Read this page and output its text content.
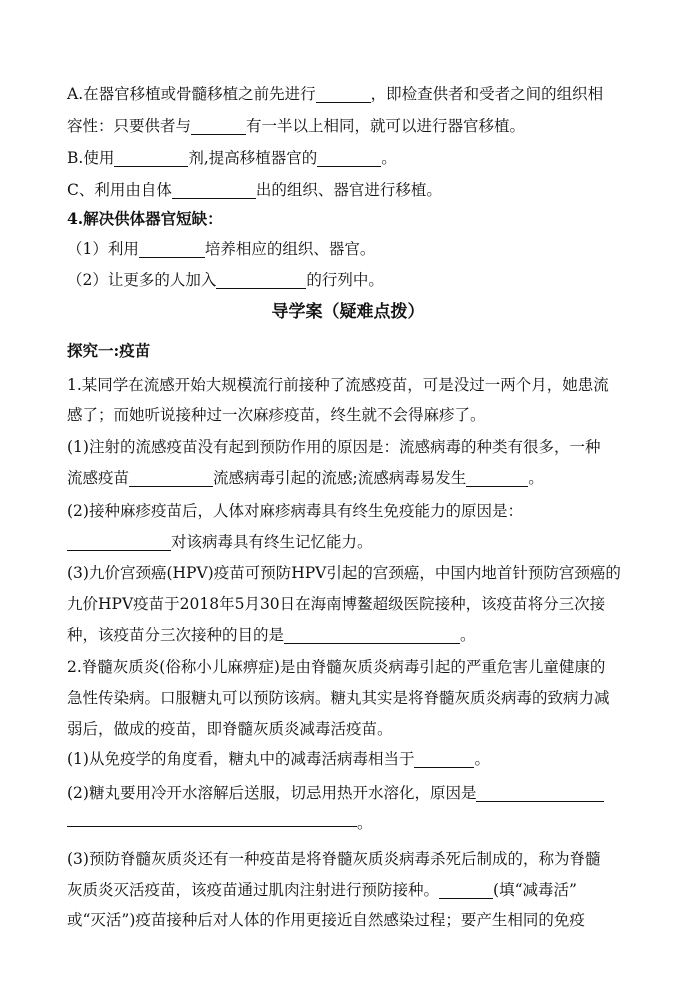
A.在器官移植或骨髓移植之前先进行	，即检查供者和受者之间的组织相
容性：只要供者与	有一半以上相同，就可以进行器官移植。
B.使用	剂,提高移植器官的	。
C、利用由自体	出的组织、器官进行移植。
4.解决供体器官短缺：
（1）利用	培养相应的组织、器官。
（2）让更多的人加入	的行列中。
导学案（疑难点拨）
探究一:疫苗
1.某同学在流感开始大规模流行前接种了流感疫苗，可是没过一两个月，她患流
感了；而她听说接种过一次麻疹疫苗，终生就不会得麻疹了。
(1)注射的流感疫苗没有起到预防作用的原因是：流感病毒的种类有很多，一种
流感疫苗	流感病毒引起的流感;流感病毒易发生	。
(2)接种麻疹疫苗后，人体对麻疹病毒具有终生免疫能力的原因是：
对该病毒具有终生记忆能力。
(3)九价宫颈癌(HPV)疫苗可预防HPV引起的宫颈癌，中国内地首针预防宫颈癌的
九价HPV疫苗于2018年5月30日在海南博鳌超级医院接种，该疫苗将分三次接
种，该疫苗分三次接种的目的是	。
2.脊髓灰质炎(俗称小儿麻痹症)是由脊髓灰质炎病毒引起的严重危害儿童健康的
急性传染病。口服糖丸可以预防该病。糖丸其实是将脊髓灰质炎病毒的致病力减
弱后，做成的疫苗，即脊髓灰质炎减毒活疫苗。
(1)从免疫学的角度看，糖丸中的减毒活病毒相当于	。
(2)糖丸要用冷开水溶解后送服，切忌用热开水溶化，原因是
。
(3)预防脊髓灰质炎还有一种疫苗是将脊髓灰质炎病毒杀死后制成的，称为脊髓
灰质炎灭活疫苗，该疫苗通过肌肉注射进行预防接种。	(填“减毒活”
或“灭活”)疫苗接种后对人体的作用更接近自然感染过程；要产生相同的免疫
